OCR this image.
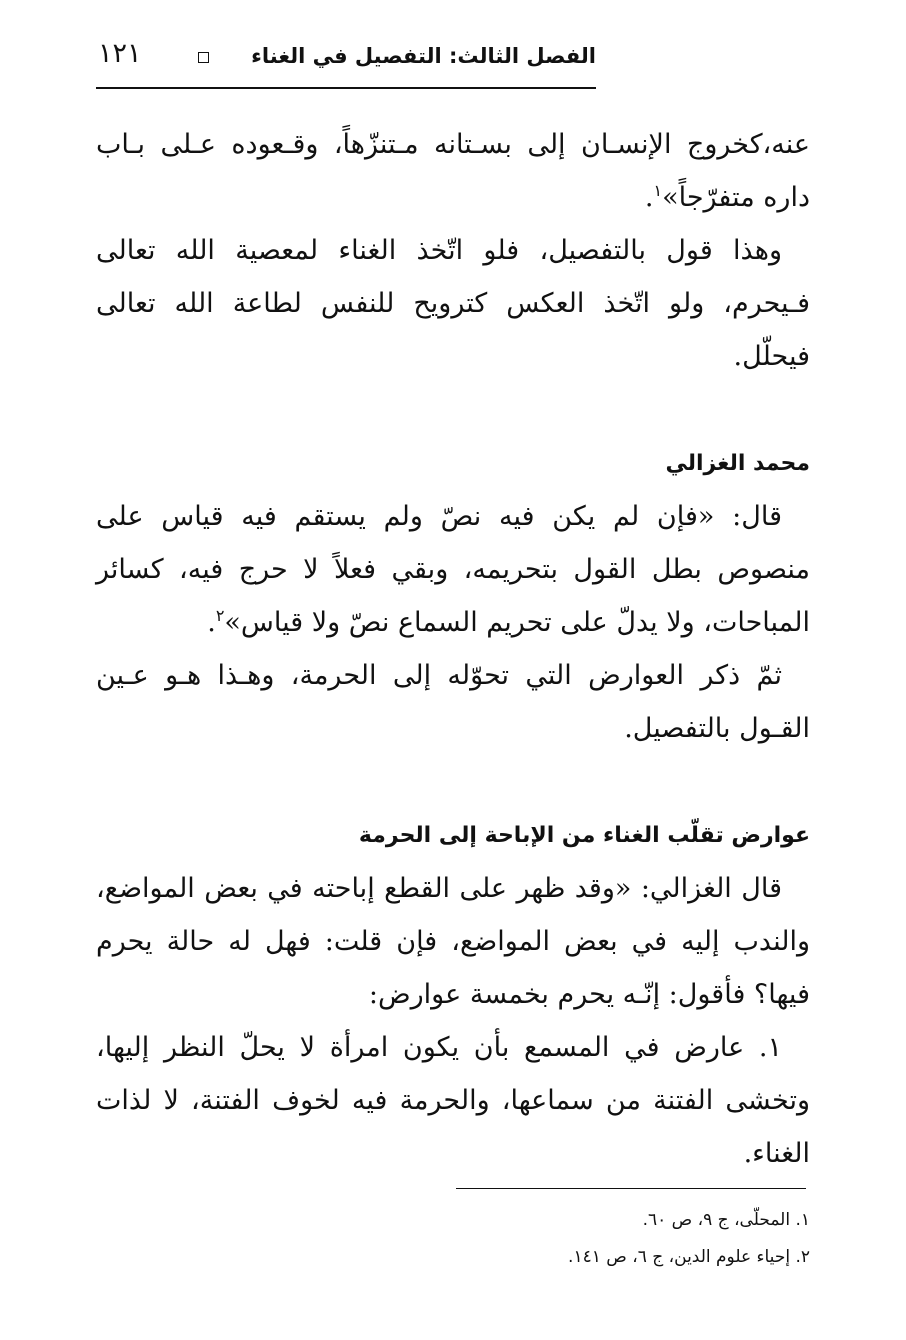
الفصل الثالث: التفصيل في الغناء
١٢١

عنه،كخروج الإنسـان إلى بسـتانه مـتنزّهاً، وقـعوده عـلى بـاب داره متفرّجاً»$^١$.

وهذا قول بالتفصيل، فلو اتّخذ الغناء لمعصية الله تعالى فـيحرم، ولو اتّخذ العكس كترويح للنفس لطاعة الله تعالى فيحلّل.

محمد الغزالي

قال: «فإن لم يكن فيه نصّ ولم يستقم فيه قياس على منصوص بطل القول بتحريمه، وبقي فعلاً لا حرج فيه، كسائر المباحات، ولا يدلّ على تحريم السماع نصّ ولا قياس»$^٢$.

ثمّ ذكر العوارض التي تحوّله إلى الحرمة، وهـذا هـو عـين القـول بالتفصيل.

عوارض تقلّب الغناء من الإباحة إلى الحرمة

قال الغزالي: «وقد ظهر على القطع إباحته في بعض المواضع، والندب إليه في بعض المواضع، فإن قلت: فهل له حالة يحرم فيها؟ فأقول: إنّـه يحرم بخمسة عوارض:

١. عارض في المسمع بأن يكون امرأة لا يحلّ النظر إليها، وتخشى الفتنة من سماعها، والحرمة فيه لخوف الفتنة، لا لذات الغناء.

١. المحلّى، ج ٩، ص ٦٠.
٢. إحياء علوم الدين، ج ٦، ص ١٤١.
